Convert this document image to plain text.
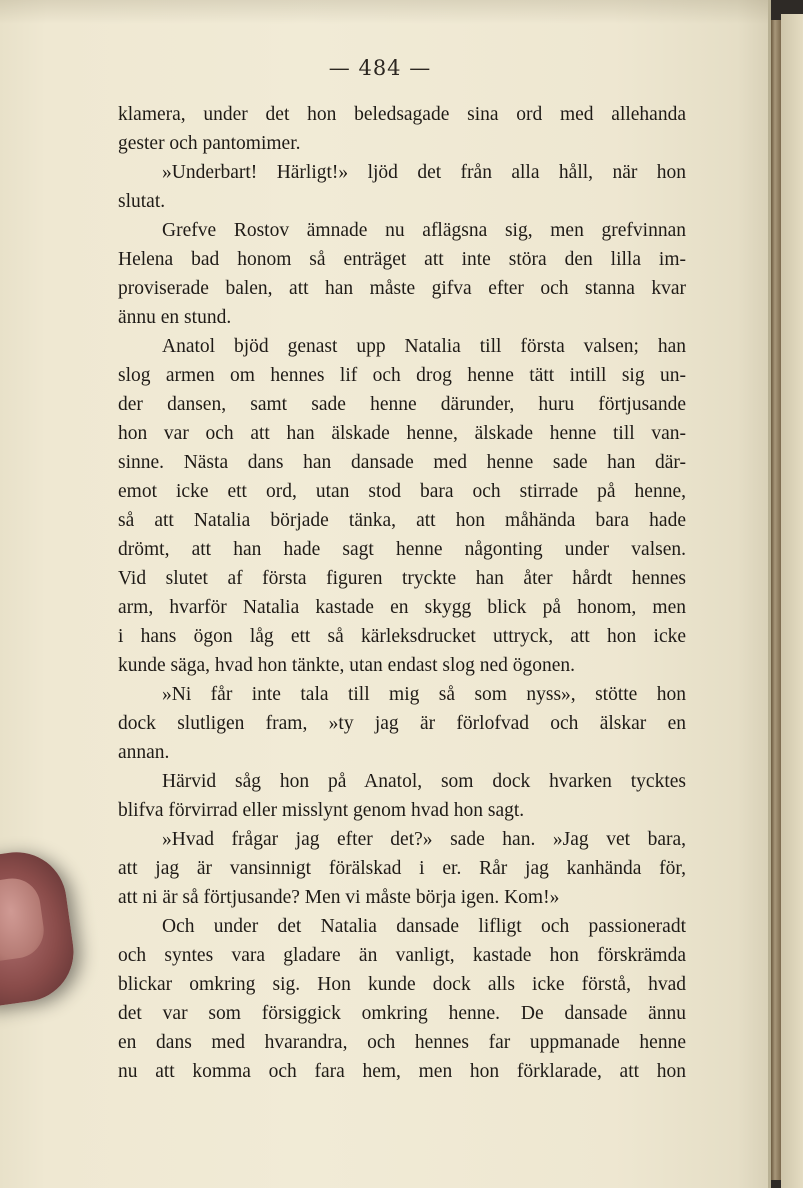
— 484 —
klamera, under det hon beledsagade sina ord med allehanda
gester och pantomimer.
»Underbart! Härligt!» ljöd det från alla håll, när hon
slutat.
Grefve Rostov ämnade nu aflägsna sig, men grefvinnan
Helena bad honom så enträget att inte störa den lilla im-
proviserade balen, att han måste gifva efter och stanna kvar
ännu en stund.
Anatol bjöd genast upp Natalia till första valsen; han
slog armen om hennes lif och drog henne tätt intill sig un-
der dansen, samt sade henne därunder, huru förtjusande
hon var och att han älskade henne, älskade henne till van-
sinne. Nästa dans han dansade med henne sade han där-
emot icke ett ord, utan stod bara och stirrade på henne,
så att Natalia började tänka, att hon måhända bara hade
drömt, att han hade sagt henne någonting under valsen.
Vid slutet af första figuren tryckte han åter hårdt hennes
arm, hvarför Natalia kastade en skygg blick på honom, men
i hans ögon låg ett så kärleksdrucket uttryck, att hon icke
kunde säga, hvad hon tänkte, utan endast slog ned ögonen.
»Ni får inte tala till mig så som nyss», stötte hon
dock slutligen fram, »ty jag är förlofvad och älskar en
annan.
Härvid såg hon på Anatol, som dock hvarken tycktes
blifva förvirrad eller misslynt genom hvad hon sagt.
»Hvad frågar jag efter det?» sade han. »Jag vet bara,
att jag är vansinnigt förälskad i er. Rår jag kanhända för,
att ni är så förtjusande? Men vi måste börja igen. Kom!»
Och under det Natalia dansade lifligt och passioneradt
och syntes vara gladare än vanligt, kastade hon förskrämda
blickar omkring sig. Hon kunde dock alls icke förstå, hvad
det var som försiggick omkring henne. De dansade ännu
en dans med hvarandra, och hennes far uppmanade henne
nu att komma och fara hem, men hon förklarade, att hon
